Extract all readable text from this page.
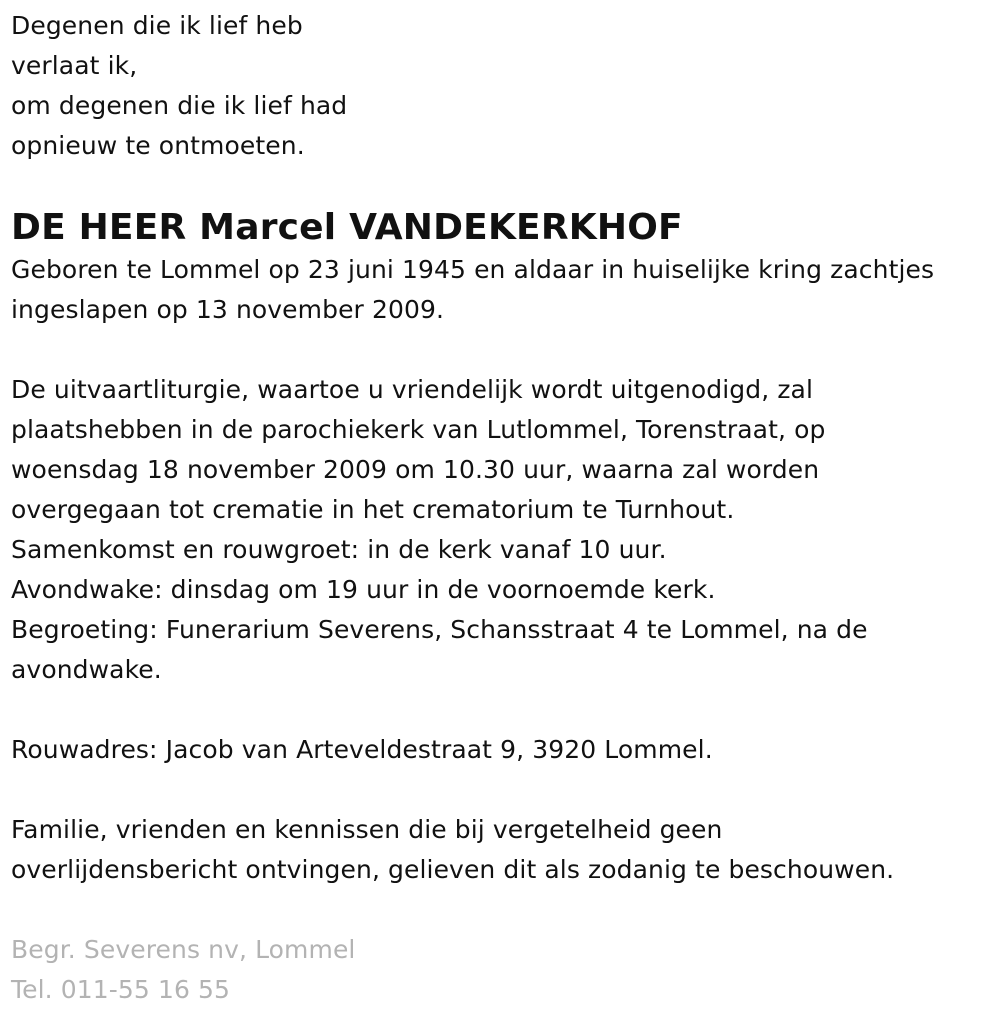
Degenen die ik lief heb
verlaat ik,
om degenen die ik lief had
opnieuw te ontmoeten.
DE HEER Marcel VANDEKERKHOF
Geboren te Lommel op 23 juni 1945 en aldaar in huiselijke kring zachtjes
ingeslapen op 13 november 2009.
De uitvaartliturgie, waartoe u vriendelijk wordt uitgenodigd, zal
plaatshebben in de parochiekerk van Lutlommel, Torenstraat, op
woensdag 18 november 2009 om 10.30 uur, waarna zal worden
overgegaan tot crematie in het crematorium te Turnhout.
Samenkomst en rouwgroet: in de kerk vanaf 10 uur.
Avondwake: dinsdag om 19 uur in de voornoemde kerk.
Begroeting: Funerarium Severens, Schansstraat 4 te Lommel, na de
avondwake.
Rouwadres: Jacob van Arteveldestraat 9, 3920 Lommel.
Familie, vrienden en kennissen die bij vergetelheid geen
overlijdensbericht ontvingen, gelieven dit als zodanig te beschouwen.
Begr. Severens nv, Lommel
Tel. 011-55 16 55
